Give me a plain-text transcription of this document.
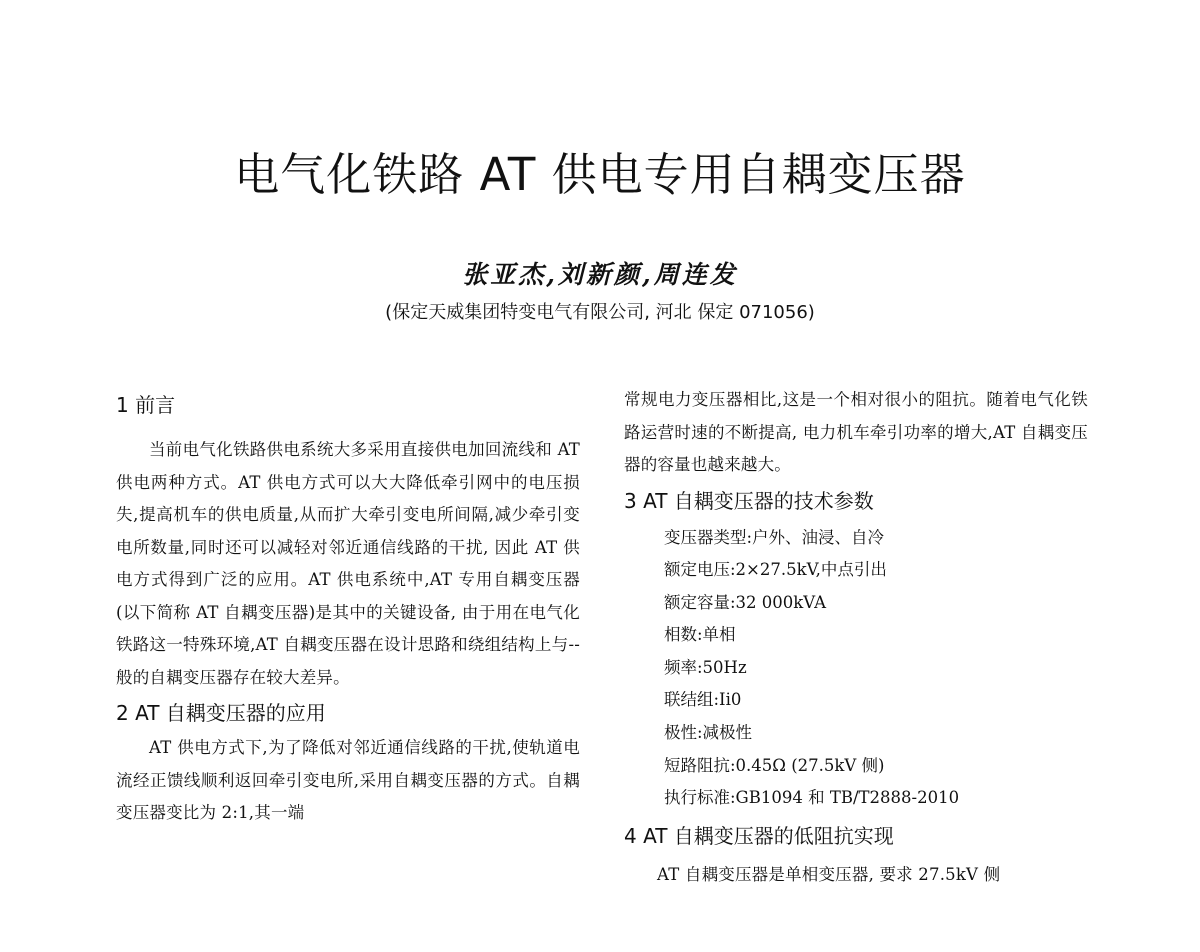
电气化铁路 AT 供电专用自耦变压器
张亚杰,刘新颜,周连发
(保定天威集团特变电气有限公司, 河北 保定 071056)
1 前言

当前电气化铁路供电系统大多采用直接供电加回流线和 AT 供电两种方式。AT 供电方式可以大大降低牵引网中的电压损失,提高机车的供电质量,从而扩大牵引变电所间隔,减少牵引变电所数量,同时还可以减轻对邻近通信线路的干扰, 因此 AT 供电方式得到广泛的应用。AT 供电系统中,AT 专用自耦变压器(以下简称 AT 自耦变压器)是其中的关键设备, 由于用在电气化铁路这一特殊环境,AT 自耦变压器在设计思路和绕组结构上与--般的自耦变压器存在较大差异。

2 AT 自耦变压器的应用

AT 供电方式下,为了降低对邻近通信线路的干扰,使轨道电流经正馈线顺利返回牵引变电所,采用自耦变压器的方式。自耦变压器变比为 2:1,其一端

常规电力变压器相比,这是一个相对很小的阻抗。随着电气化铁路运营时速的不断提高, 电力机车牵引功率的增大,AT 自耦变压器的容量也越来越大。

3 AT 自耦变压器的技术参数
变压器类型:户外、油浸、自冷
额定电压:2×27.5kV,中点引出
额定容量:32 000kVA
相数:单相
频率:50Hz
联结组:Ii0
极性:减极性
短路阻抗:0.45Ω (27.5kV 侧)
执行标准:GB1094 和 TB/T2888-2010
4 AT 自耦变压器的低阻抗实现

AT 自耦变压器是单相变压器, 要求 27.5kV 侧
